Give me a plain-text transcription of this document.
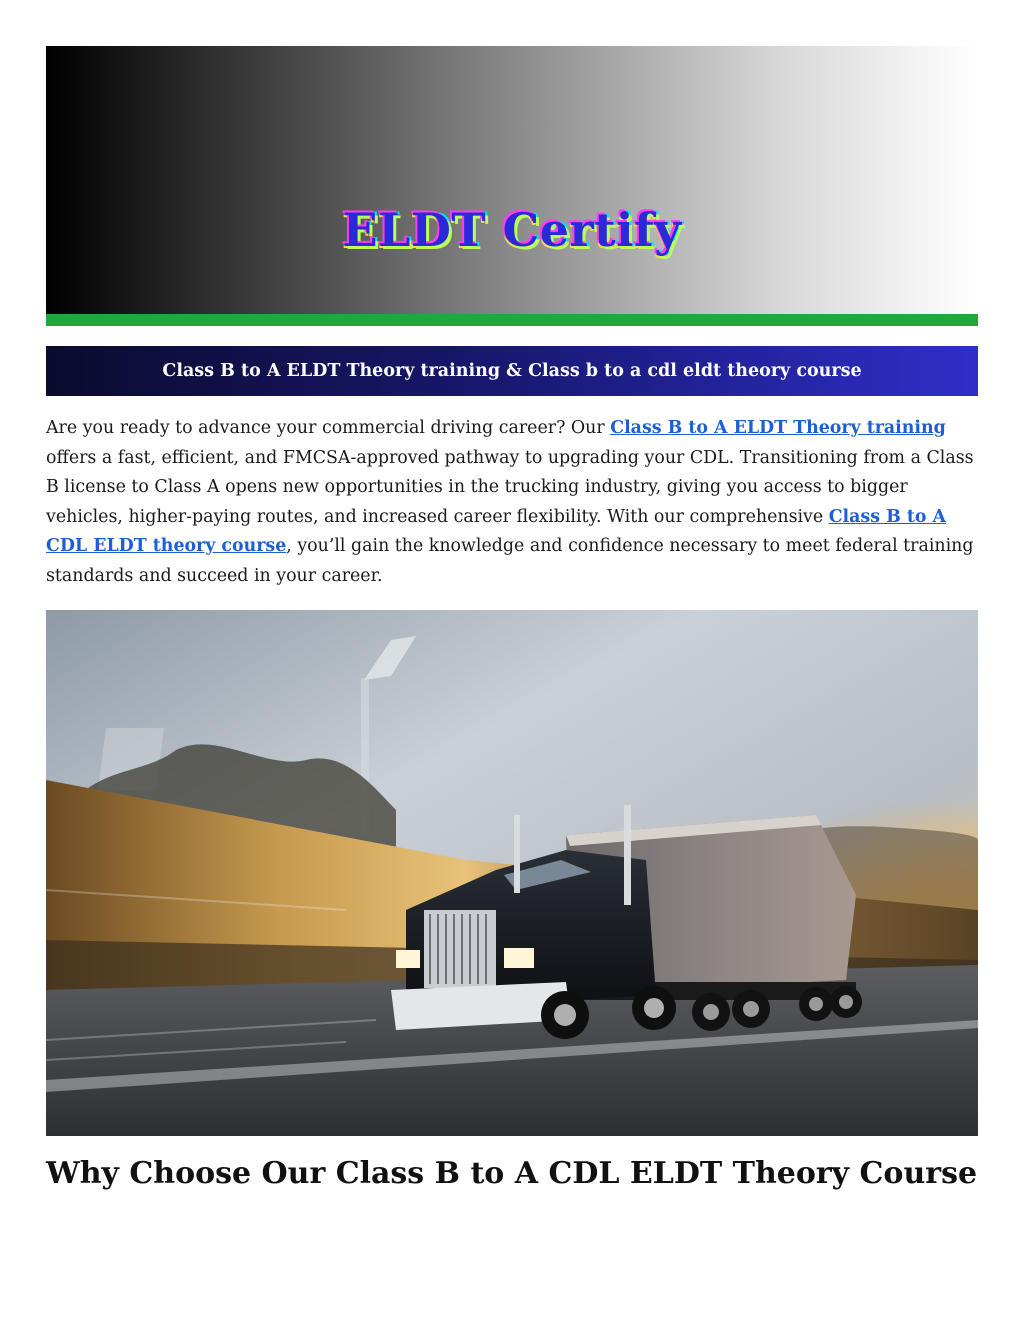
ELDT Certify
Class B to A ELDT Theory training & Class b to a cdl eldt theory course

Are you ready to advance your commercial driving career? Our Class B to A ELDT Theory training offers a fast, efficient, and FMCSA-approved pathway to upgrading your CDL. Transitioning from a Class B license to Class A opens new opportunities in the trucking industry, giving you access to bigger vehicles, higher-paying routes, and increased career flexibility. With our comprehensive Class B to A CDL ELDT theory course, you’ll gain the knowledge and confidence necessary to meet federal training standards and succeed in your career.

Why Choose Our Class B to A CDL ELDT Theory Course
